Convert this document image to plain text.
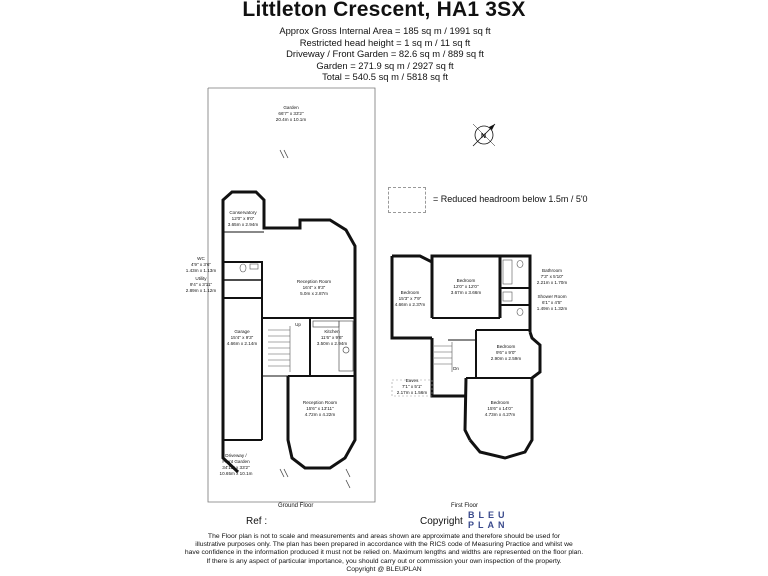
Littleton Crescent, HA1 3SX
Approx Gross Internal Area = 185 sq m / 1991 sq ft
Restricted head height = 1 sq m / 11 sq ft
Driveway / Front Garden = 82.6 sq m / 889 sq ft
Garden = 271.9 sq m / 2927 sq ft
Total = 540.5 sq m / 5818 sq ft
= Reduced headroom below 1.5m / 5'0
N
Garden
66'7" x 33'2"
20.4m x 10.1m
Conservatory
12'0" x 9'0"
3.65m x 2.94m
WC
4'9" x 3'6"
1.43m x 1.13m
Utility
9'4" x 3'11"
2.89m x 1.12m
Reception Room
16'4" x 9'3"
5.0m x 2.87m
Garage
15'4" x 9'3"
4.66m x 2.14m
Up
Kitchen
11'6" x 9'6"
3.50m x 2.94m
Reception Room
15'6" x 13'11"
4.72m x 4.22m
Driveway /
Front Garden
34'11" x 33'2"
10.65m x 10.1m
Bedroom
15'3" x 7'9"
4.66m x 2.37m
Bedroom
12'0" x 12'0"
3.67m x 3.66m
Bathroom
7'3" x 5'10"
2.21m x 1.70m
Shower Room
6'1" x 4'5"
1.49m x 1.32m
Bedroom
9'6" x 9'0"
2.90m x 2.59m
Dn
Eaves
7'1" x 5'1"
2.17m x 1.56m
Bedroom
15'6" x 14'0"
4.73m x 4.27m
Ground Floor	First Floor
Ref :	Copyright
BLEU
PLAN
The Floor plan is not to scale and measurements and areas shown are approximate and therefore should be used for
illustrative purposes only. The plan has been prepared in accordance with the RICS code of Measuring Practice and whilst we
have confidence in the information produced it must not be relied on. Maximum lengths and widths are represented on the floor plan.
If there is any aspect of particular importance, you should carry out or commission your own inspection of the property.
Copyright @ BLEUPLAN
